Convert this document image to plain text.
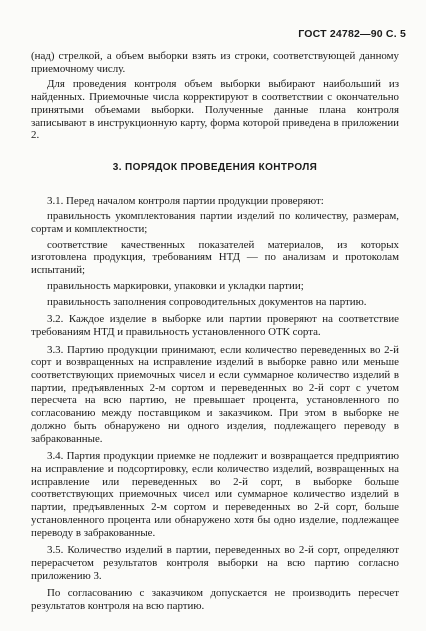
ГОСТ 24782—90 С. 5

(над) стрелкой, а объем выборки взять из строки, соответствующей данному приемочному числу.

Для проведения контроля объем выборки выбирают наибольший из найденных. Приемочные числа корректируют в соответствии с окончательно принятыми объемами выборки. Полученные данные плана контроля записывают в инструкционную карту, форма которой приведена в приложении 2.

3. ПОРЯДОК ПРОВЕДЕНИЯ КОНТРОЛЯ

3.1. Перед началом контроля партии продукции проверяют:

правильность укомплектования партии изделий по количеству, размерам, сортам и комплектности;

соответствие качественных показателей материалов, из которых изготовлена продукция, требованиям НТД — по анализам и протоколам испытаний;

правильность маркировки, упаковки и укладки партии;

правильность заполнения сопроводительных документов на партию.

3.2. Каждое изделие в выборке или партии проверяют на соответствие требованиям НТД и правильность установленного ОТК сорта.

3.3. Партию продукции принимают, если количество переведенных во 2-й сорт и возвращенных на исправление изделий в выборке равно или меньше соответствующих приемочных чисел и если суммарное количество изделий в партии, предъявленных 2-м сортом и переведенных во 2-й сорт с учетом пересчета на всю партию, не превышает процента, установленного по согласованию между поставщиком и заказчиком. При этом в выборке не должно быть обнаружено ни одного изделия, подлежащего переводу в забракованные.

3.4. Партия продукции приемке не подлежит и возвращается предприятию на исправление и подсортировку, если количество изделий, возвращенных на исправление или переведенных во 2-й сорт, в выборке больше соответствующих приемочных чисел или суммарное количество изделий в партии, предъявленных 2-м сортом и переведенных во 2-й сорт, больше установленного процента или обнаружено хотя бы одно изделие, подлежащее переводу в забракованные.

3.5. Количество изделий в партии, переведенных во 2-й сорт, определяют перерасчетом результатов контроля выборки на всю партию согласно приложению 3.

По согласованию с заказчиком допускается не производить пересчет результатов контроля на всю партию.
